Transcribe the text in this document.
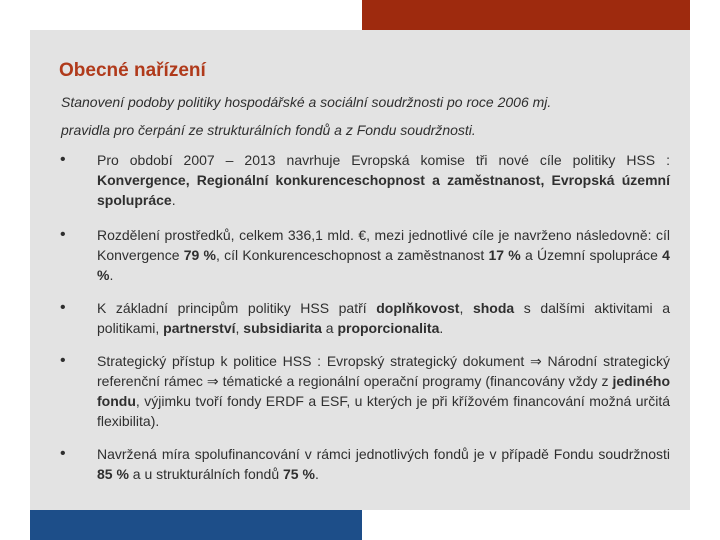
Obecné nařízení

Stanovení podoby politiky hospodářské a sociální soudržnosti po roce 2006 mj.

pravidla pro čerpání ze strukturálních fondů a z Fondu soudržnosti.

• Pro období 2007 – 2013 navrhuje Evropská komise tři nové cíle politiky HSS : Konvergence, Regionální konkurenceschopnost a zaměstnanost, Evropská územní spolupráce.
• Rozdělení prostředků, celkem 336,1 mld. €, mezi jednotlivé cíle je navrženo následovně: cíl Konvergence 79 %, cíl Konkurenceschopnost a zaměstnanost 17 % a Územní spolupráce 4 %.
• K základní principům politiky HSS patří doplňkovost, shoda s dalšími aktivitami a politikami, partnerství, subsidiarita a proporcionalita.
• Strategický přístup k politice HSS : Evropský strategický dokument ⇒ Národní strategický referenční rámec ⇒ tématické a regionální operační programy (financovány vždy z jediného fondu, výjimku tvoří fondy ERDF a ESF, u kterých je při křížovém financování možná určitá flexibilita).
• Navržená míra spolufinancování v rámci jednotlivých fondů je v případě Fondu soudržnosti 85 % a u strukturálních fondů 75 %.
